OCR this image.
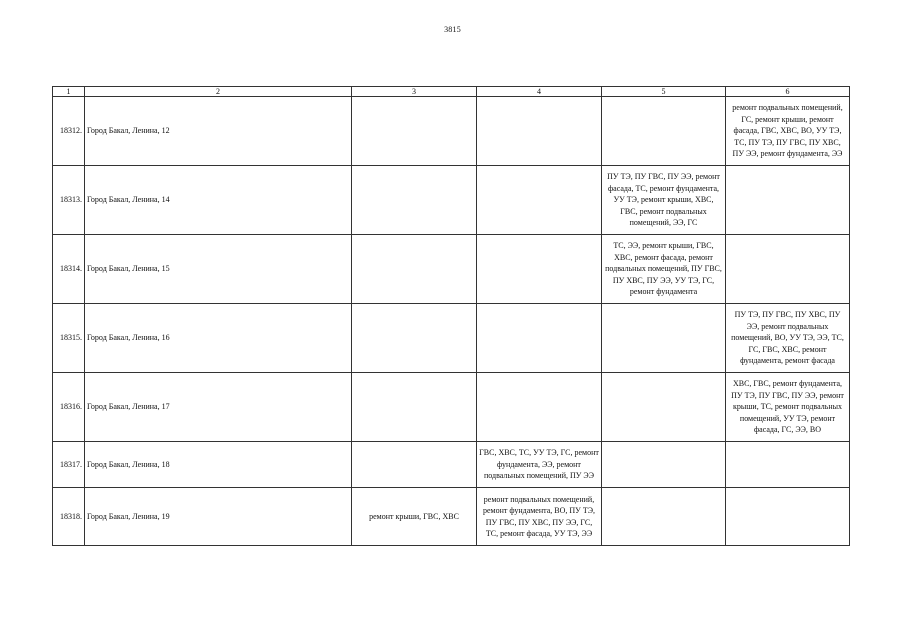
3815
1	2	3	4	5	6
18312.	Город Бакал, Ленина, 12				ремонт подвальных помещений, ГС, ремонт крыши, ремонт фасада, ГВС, ХВС, ВО, УУ ТЭ, ТС, ПУ ТЭ, ПУ ГВС, ПУ ХВС, ПУ ЭЭ, ремонт фундамента, ЭЭ
18313.	Город Бакал, Ленина, 14			ПУ ТЭ, ПУ ГВС, ПУ ЭЭ, ремонт фасада, ТС, ремонт фундамента, УУ ТЭ, ремонт крыши, ХВС, ГВС, ремонт подвальных помещений, ЭЭ, ГС	
18314.	Город Бакал, Ленина, 15			ТС, ЭЭ, ремонт крыши, ГВС, ХВС, ремонт фасада, ремонт подвальных помещений, ПУ ГВС, ПУ ХВС, ПУ ЭЭ, УУ ТЭ, ГС, ремонт фундамента	
18315.	Город Бакал, Ленина, 16				ПУ ТЭ, ПУ ГВС, ПУ ХВС, ПУ ЭЭ, ремонт подвальных помещений, ВО, УУ ТЭ, ЭЭ, ТС, ГС, ГВС, ХВС, ремонт фундамента, ремонт фасада
18316.	Город Бакал, Ленина, 17				ХВС, ГВС, ремонт фундамента, ПУ ТЭ, ПУ ГВС, ПУ ЭЭ, ремонт крыши, ТС, ремонт подвальных помещений, УУ ТЭ, ремонт фасада, ГС, ЭЭ, ВО
18317.	Город Бакал, Ленина, 18		ГВС, ХВС, ТС, УУ ТЭ, ГС, ремонт фундамента, ЭЭ, ремонт подвальных помещений, ПУ ЭЭ		
18318.	Город Бакал, Ленина, 19	ремонт крыши, ГВС, ХВС	ремонт подвальных помещений, ремонт фундамента, ВО, ПУ ТЭ, ПУ ГВС, ПУ ХВС, ПУ ЭЭ, ГС, ТС, ремонт фасада, УУ ТЭ, ЭЭ		
